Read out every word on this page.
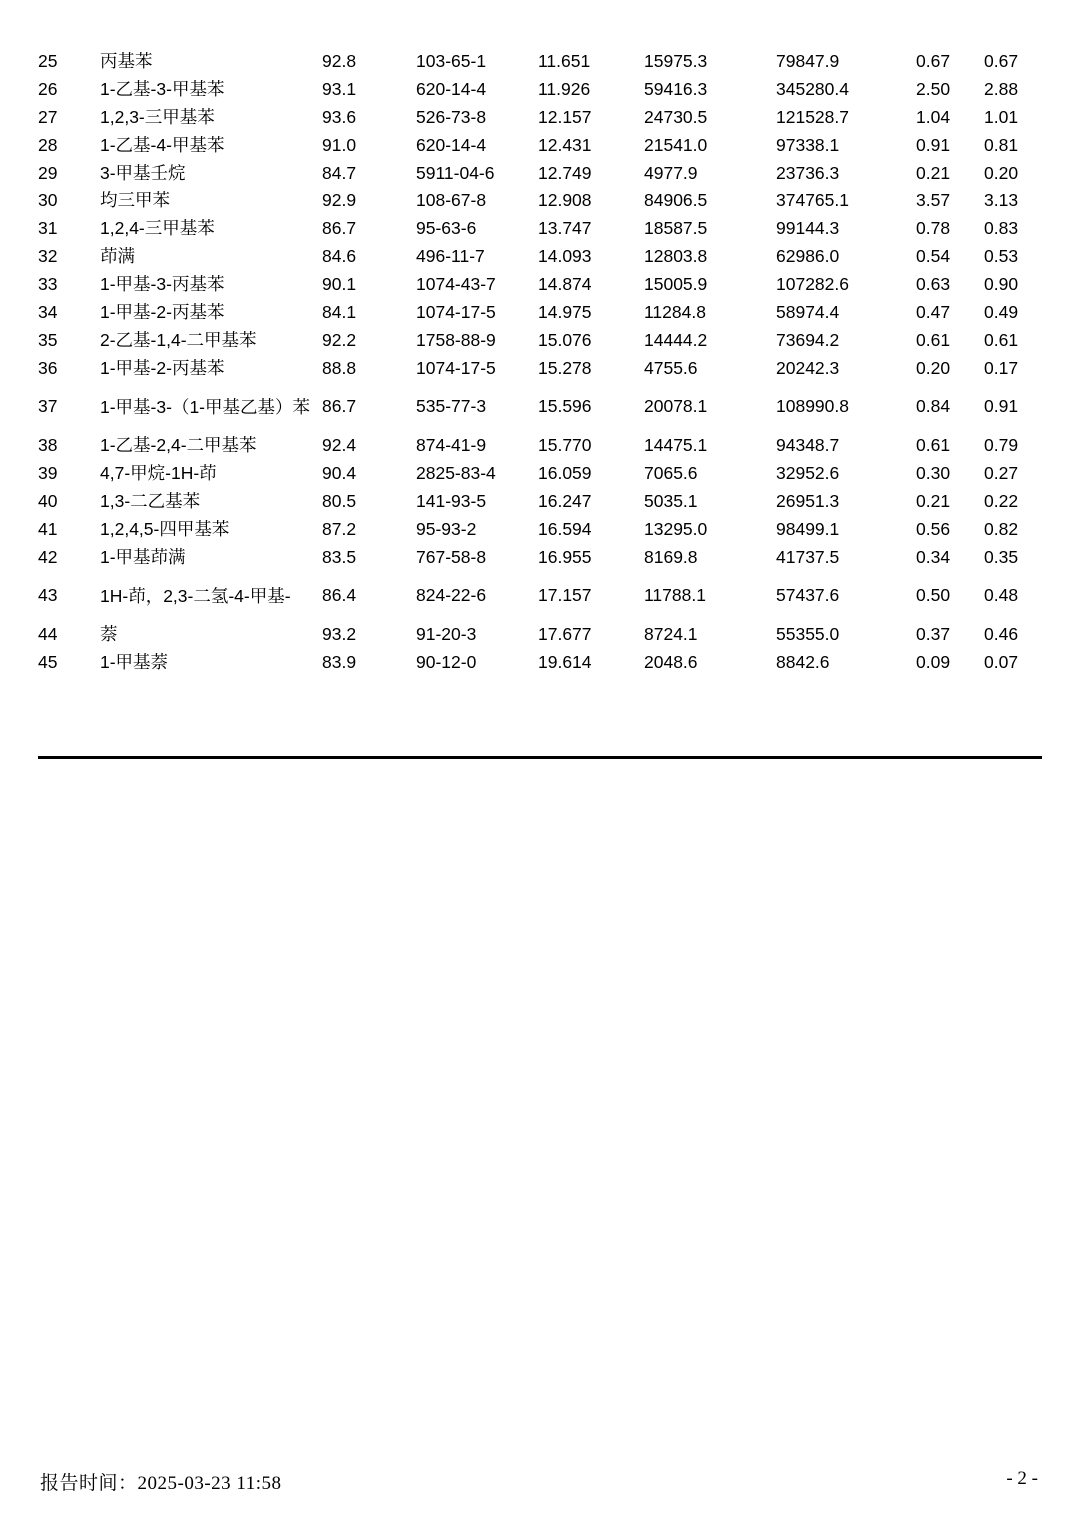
25	丙基苯	92.8	103-65-1	11.651	15975.3	79847.9	0.67	0.67
26	1-乙基-3-甲基苯	93.1	620-14-4	11.926	59416.3	345280.4	2.50	2.88
27	1,2,3-三甲基苯	93.6	526-73-8	12.157	24730.5	121528.7	1.04	1.01
28	1-乙基-4-甲基苯	91.0	620-14-4	12.431	21541.0	97338.1	0.91	0.81
29	3-甲基壬烷	84.7	5911-04-6	12.749	4977.9	23736.3	0.21	0.20
30	均三甲苯	92.9	108-67-8	12.908	84906.5	374765.1	3.57	3.13
31	1,2,4-三甲基苯	86.7	95-63-6	13.747	18587.5	99144.3	0.78	0.83
32	茚满	84.6	496-11-7	14.093	12803.8	62986.0	0.54	0.53
33	1-甲基-3-丙基苯	90.1	1074-43-7	14.874	15005.9	107282.6	0.63	0.90
34	1-甲基-2-丙基苯	84.1	1074-17-5	14.975	11284.8	58974.4	0.47	0.49
35	2-乙基-1,4-二甲基苯	92.2	1758-88-9	15.076	14444.2	73694.2	0.61	0.61
36	1-甲基-2-丙基苯	88.8	1074-17-5	15.278	4755.6	20242.3	0.20	0.17
37	1-甲基-3-（1-甲基乙基）苯	86.7	535-77-3	15.596	20078.1	108990.8	0.84	0.91
38	1-乙基-2,4-二甲基苯	92.4	874-41-9	15.770	14475.1	94348.7	0.61	0.79
39	4,7-甲烷-1H-茚	90.4	2825-83-4	16.059	7065.6	32952.6	0.30	0.27
40	1,3-二乙基苯	80.5	141-93-5	16.247	5035.1	26951.3	0.21	0.22
41	1,2,4,5-四甲基苯	87.2	95-93-2	16.594	13295.0	98499.1	0.56	0.82
42	1-甲基茚满	83.5	767-58-8	16.955	8169.8	41737.5	0.34	0.35
43	1H-茚，2,3-二氢-4-甲基-	86.4	824-22-6	17.157	11788.1	57437.6	0.50	0.48
44	萘	93.2	91-20-3	17.677	8724.1	55355.0	0.37	0.46
45	1-甲基萘	83.9	90-12-0	19.614	2048.6	8842.6	0.09	0.07
报告时间：2025-03-23 11:58	- 2 -
